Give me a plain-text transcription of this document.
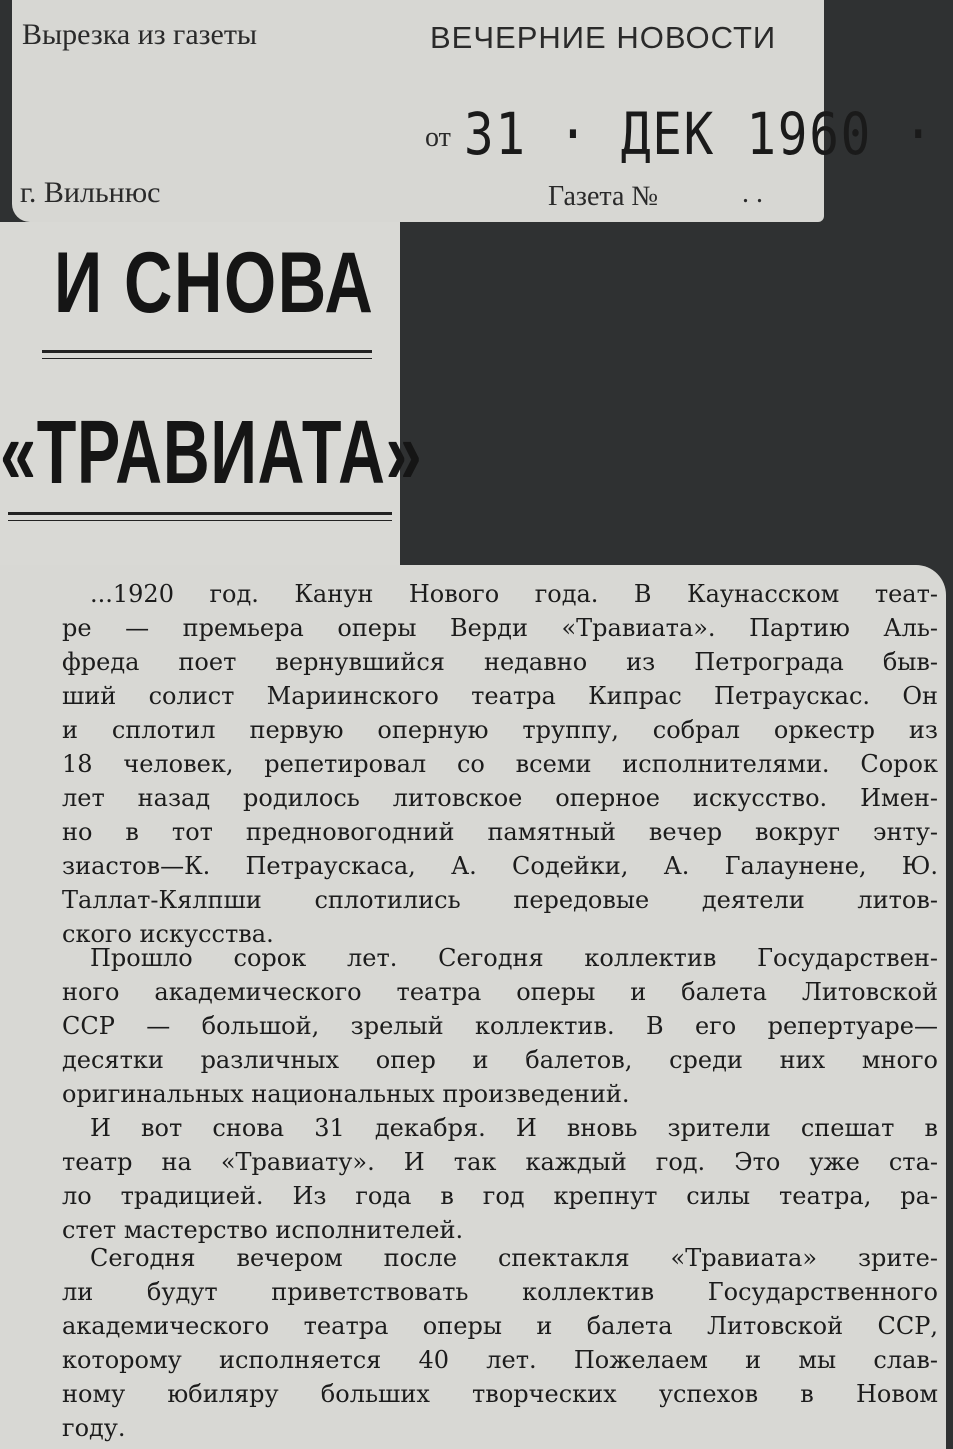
Вырезка из газеты	ВЕЧЕРНИЕ НОВОСТИ
от 31 · ДЕК 1960 ·
г. Вильнюс	Газета №	. .
И СНОВА
«ТРАВИАТА»
...1920 год. Канун Нового года. В Каунасском теат-
ре — премьера оперы Верди «Травиата». Партию Аль-
фреда поет вернувшийся недавно из Петрограда быв-
ший солист Мариинского театра Кипрас Петраускас. Он
и сплотил первую оперную труппу, собрал оркестр из
18 человек, репетировал со всеми исполнителями. Сорок
лет назад родилось литовское оперное искусство. Имен-
но в тот предновогодний памятный вечер вокруг энту-
зиастов—К. Петраускаса, А. Содейки, А. Галаунене, Ю.
Таллат-Кялпши сплотились передовые деятели литов-
ского искусства.
Прошло сорок лет. Сегодня коллектив Государствен-
ного академического театра оперы и балета Литовской
ССР — большой, зрелый коллектив. В его репертуаре—
десятки различных опер и балетов, среди них много
оригинальных национальных произведений.
И вот снова 31 декабря. И вновь зрители спешат в
театр на «Травиату». И так каждый год. Это уже ста-
ло традицией. Из года в год крепнут силы театра, ра-
стет мастерство исполнителей.
Сегодня вечером после спектакля «Травиата» зрите-
ли будут приветствовать коллектив Государственного
академического театра оперы и балета Литовской ССР,
которому исполняется 40 лет. Пожелаем и мы слав-
ному юбиляру больших творческих успехов в Новом
году.
